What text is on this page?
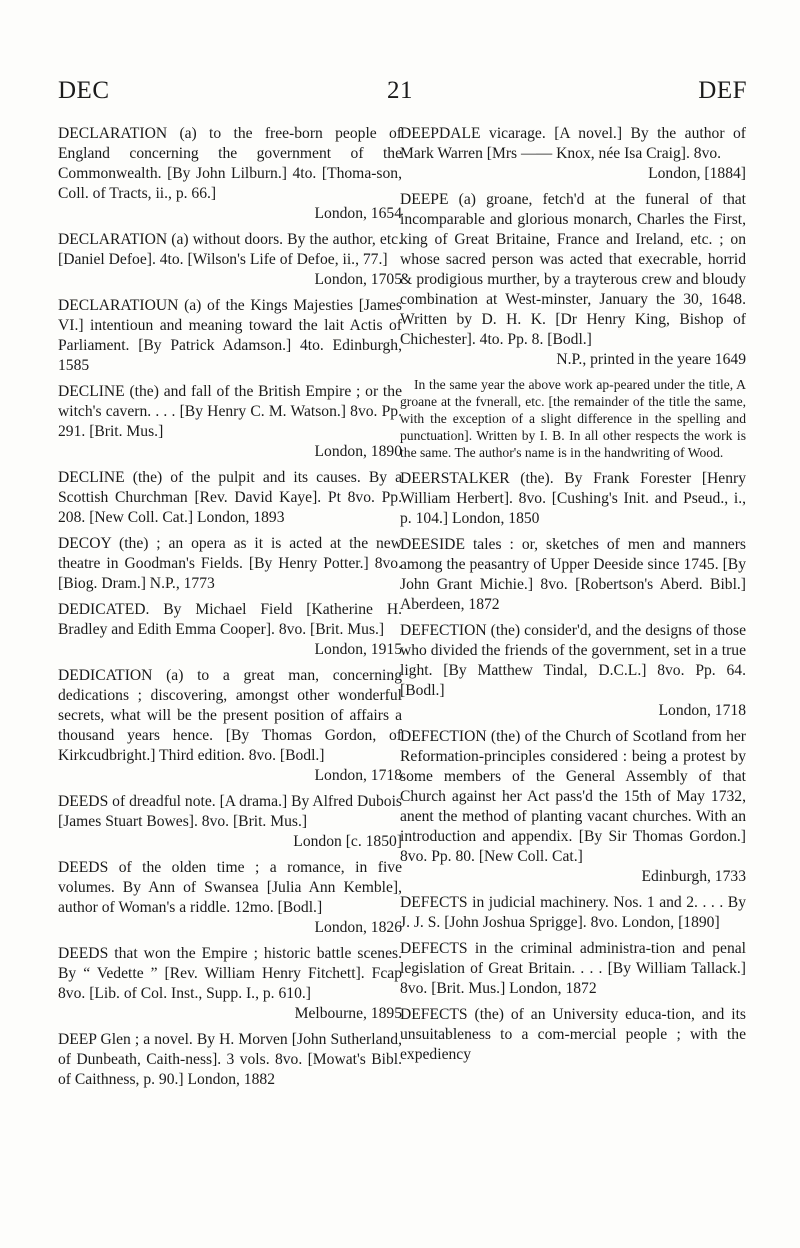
DEC	21	DEF
DECLARATION (a) to the free-born people of England concerning the government of the Commonwealth. [By John Lilburn.] 4to. [Thoma-son, Coll. of Tracts, ii., p. 66.]
London, 1654
DECLARATION (a) without doors. By the author, etc. [Daniel Defoe]. 4to. [Wilson's Life of Defoe, ii., 77.]
London, 1705
DECLARATIOUN (a) of the Kings Majesties [James VI.] intentioun and meaning toward the lait Actis of Parliament. [By Patrick Adamson.] 4to. Edinburgh, 1585
DECLINE (the) and fall of the British Empire ; or the witch's cavern. . . . [By Henry C. M. Watson.] 8vo. Pp. 291. [Brit. Mus.]
London, 1890
DECLINE (the) of the pulpit and its causes. By a Scottish Churchman [Rev. David Kaye]. Pt 8vo. Pp. 208. [New Coll. Cat.] London, 1893
DECOY (the) ; an opera as it is acted at the new theatre in Goodman's Fields. [By Henry Potter.] 8vo. [Biog. Dram.] N.P., 1773
DEDICATED. By Michael Field [Katherine H. Bradley and Edith Emma Cooper]. 8vo. [Brit. Mus.]
London, 1915
DEDICATION (a) to a great man, concerning dedications ; discovering, amongst other wonderful secrets, what will be the present position of affairs a thousand years hence. [By Thomas Gordon, of Kirkcudbright.] Third edition. 8vo. [Bodl.]
London, 1718
DEEDS of dreadful note. [A drama.] By Alfred Dubois [James Stuart Bowes]. 8vo. [Brit. Mus.]
London [c. 1850]
DEEDS of the olden time ; a romance, in five volumes. By Ann of Swansea [Julia Ann Kemble], author of Woman's a riddle. 12mo. [Bodl.]
London, 1826
DEEDS that won the Empire ; historic battle scenes. By “ Vedette ” [Rev. William Henry Fitchett]. Fcap 8vo. [Lib. of Col. Inst., Supp. I., p. 610.]
Melbourne, 1895
DEEP Glen ; a novel. By H. Morven [John Sutherland, of Dunbeath, Caith-ness]. 3 vols. 8vo. [Mowat's Bibl. of Caithness, p. 90.] London, 1882
DEEPDALE vicarage. [A novel.] By the author of Mark Warren [Mrs —— Knox, née Isa Craig]. 8vo.
London, [1884]
DEEPE (a) groane, fetch'd at the funeral of that incomparable and glorious monarch, Charles the First, king of Great Britaine, France and Ireland, etc. ; on whose sacred person was acted that execrable, horrid & prodigious murther, by a trayterous crew and bloudy combination at West-minster, January the 30, 1648. Written by D. H. K. [Dr Henry King, Bishop of Chichester]. 4to. Pp. 8. [Bodl.]
N.P., printed in the yeare 1649
In the same year the above work ap-peared under the title, A groane at the fvnerall, etc. [the remainder of the title the same, with the exception of a slight difference in the spelling and punctuation]. Written by I. B. In all other respects the work is the same. The author's name is in the handwriting of Wood.
DEERSTALKER (the). By Frank Forester [Henry William Herbert]. 8vo. [Cushing's Init. and Pseud., i., p. 104.] London, 1850
DEESIDE tales : or, sketches of men and manners among the peasantry of Upper Deeside since 1745. [By John Grant Michie.] 8vo. [Robertson's Aberd. Bibl.] Aberdeen, 1872
DEFECTION (the) consider'd, and the designs of those who divided the friends of the government, set in a true light. [By Matthew Tindal, D.C.L.] 8vo. Pp. 64. [Bodl.]
London, 1718
DEFECTION (the) of the Church of Scotland from her Reformation-principles considered : being a protest by some members of the General Assembly of that Church against her Act pass'd the 15th of May 1732, anent the method of planting vacant churches. With an introduction and appendix. [By Sir Thomas Gordon.] 8vo. Pp. 80. [New Coll. Cat.]
Edinburgh, 1733
DEFECTS in judicial machinery. Nos. 1 and 2. . . . By J. J. S. [John Joshua Sprigge]. 8vo. London, [1890]
DEFECTS in the criminal administra-tion and penal legislation of Great Britain. . . . [By William Tallack.] 8vo. [Brit. Mus.] London, 1872
DEFECTS (the) of an University educa-tion, and its unsuitableness to a com-mercial people ; with the expediency
